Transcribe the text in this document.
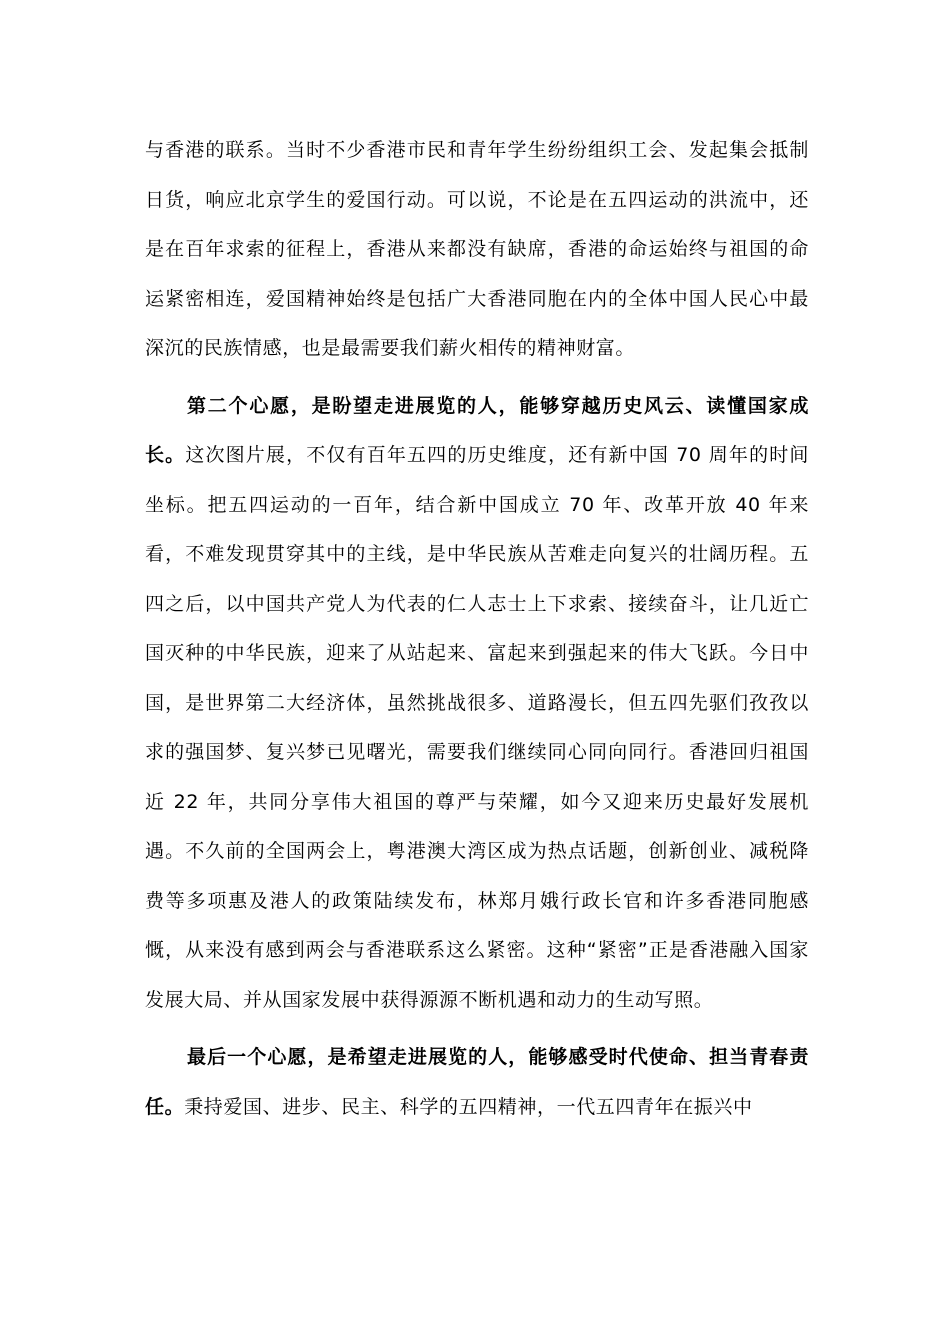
与香港的联系。当时不少香港市民和青年学生纷纷组织工会、发起集会抵制日货，响应北京学生的爱国行动。可以说，不论是在五四运动的洪流中，还是在百年求索的征程上，香港从来都没有缺席，香港的命运始终与祖国的命运紧密相连，爱国精神始终是包括广大香港同胞在内的全体中国人民心中最深沉的民族情感，也是最需要我们薪火相传的精神财富。

第二个心愿，是盼望走进展览的人，能够穿越历史风云、读懂国家成长。这次图片展，不仅有百年五四的历史维度，还有新中国 70 周年的时间坐标。把五四运动的一百年，结合新中国成立 70 年、改革开放 40 年来看，不难发现贯穿其中的主线，是中华民族从苦难走向复兴的壮阔历程。五四之后，以中国共产党人为代表的仁人志士上下求索、接续奋斗，让几近亡国灭种的中华民族，迎来了从站起来、富起来到强起来的伟大飞跃。今日中国，是世界第二大经济体，虽然挑战很多、道路漫长，但五四先驱们孜孜以求的强国梦、复兴梦已见曙光，需要我们继续同心同向同行。香港回归祖国近 22 年，共同分享伟大祖国的尊严与荣耀，如今又迎来历史最好发展机遇。不久前的全国两会上，粤港澳大湾区成为热点话题，创新创业、减税降费等多项惠及港人的政策陆续发布，林郑月娥行政长官和许多香港同胞感慨，从来没有感到两会与香港联系这么紧密。这种“紧密”正是香港融入国家发展大局、并从国家发展中获得源源不断机遇和动力的生动写照。

最后一个心愿，是希望走进展览的人，能够感受时代使命、担当青春责任。秉持爱国、进步、民主、科学的五四精神，一代五四青年在振兴中
